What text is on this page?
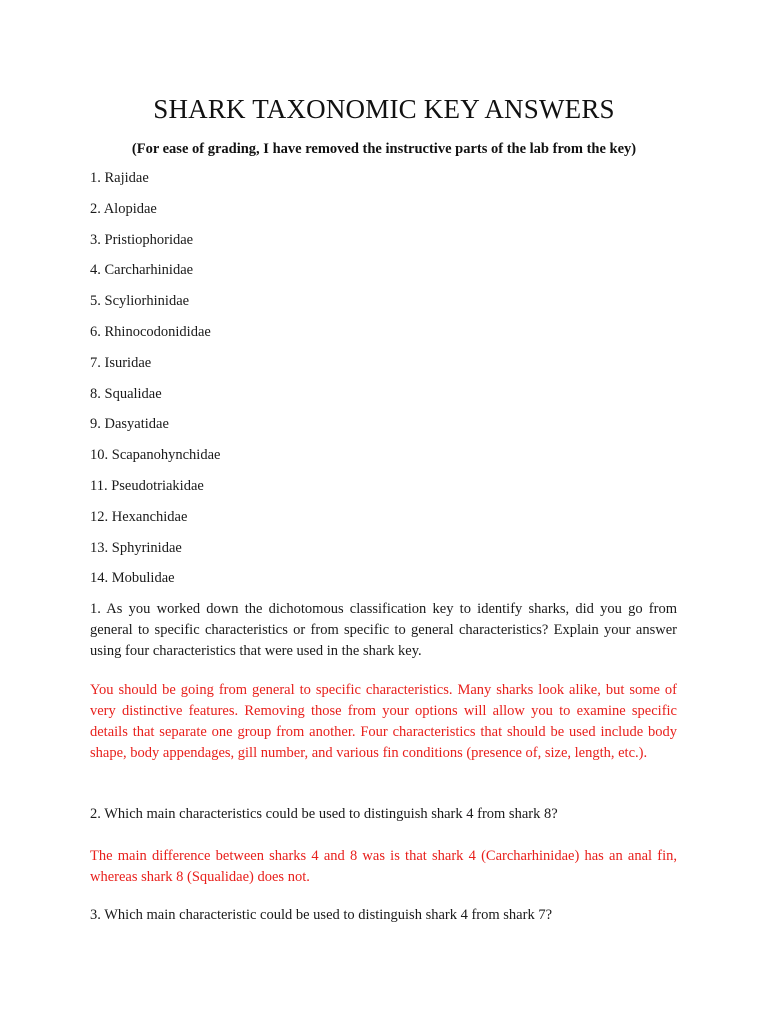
SHARK TAXONOMIC KEY ANSWERS
(For ease of grading, I have removed the instructive parts of the lab from the key)
1. Rajidae
2. Alopidae
3. Pristiophoridae
4. Carcharhinidae
5. Scyliorhinidae
6. Rhinocodonididae
7. Isuridae
8. Squalidae
9. Dasyatidae
10. Scapanohynchidae
11. Pseudotriakidae
12. Hexanchidae
13. Sphyrinidae
14. Mobulidae

1. As you worked down the dichotomous classification key to identify sharks, did you go from general to specific characteristics or from specific to general characteristics? Explain your answer using four characteristics that were used in the shark key.

You should be going from general to specific characteristics. Many sharks look alike, but some of very distinctive features. Removing those from your options will allow you to examine specific details that separate one group from another. Four characteristics that should be used include body shape, body appendages, gill number, and various fin conditions (presence of, size, length, etc.).

2. Which main characteristics could be used to distinguish shark 4 from shark 8?

The main difference between sharks 4 and 8 was is that shark 4 (Carcharhinidae) has an anal fin, whereas shark 8 (Squalidae) does not.

3. Which main characteristic could be used to distinguish shark 4 from shark 7?
